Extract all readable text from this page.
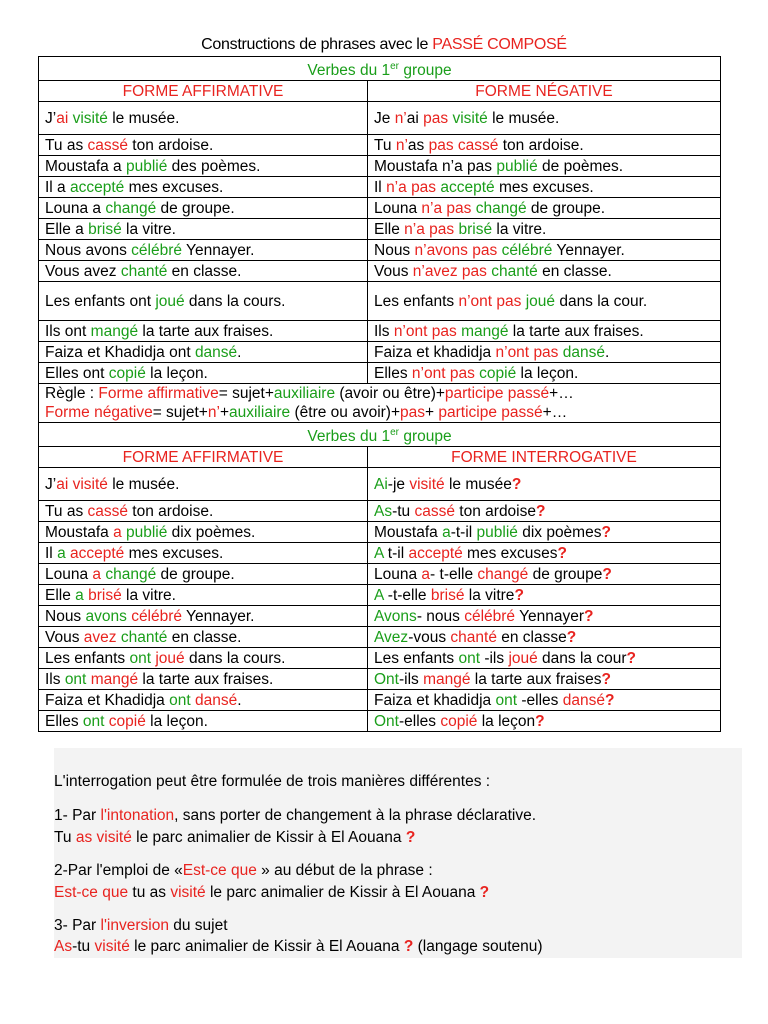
Constructions de phrases avec le PASSÉ COMPOSÉ
Verbes du 1er groupe	
FORME AFFIRMATIVE	FORME NÉGATIVE
J’ai visité le musée.	Je n’ai pas visité le musée.
Tu as cassé ton ardoise.	Tu n’as pas cassé ton ardoise.
Moustafa a publié des poèmes.	Moustafa n’a pas publié de poèmes.
Il a accepté mes excuses.	Il n’a pas accepté mes excuses.
Louna a changé de groupe.	Louna n’a pas changé de groupe.
Elle a brisé la vitre.	Elle n’a pas brisé la vitre.
Nous avons célébré Yennayer.	Nous n’avons pas célébré Yennayer.
Vous avez chanté en classe.	Vous n’avez pas chanté en classe.
Les enfants ont joué dans la cours.	Les enfants n’ont pas joué dans la cour.
Ils ont mangé la tarte aux fraises.	Ils n’ont pas mangé la tarte aux fraises.
Faiza et Khadidja ont dansé.	Faiza et khadidja n’ont pas dansé.
Elles ont copié la leçon.	Elles n’ont pas copié la leçon.

Règle : Forme affirmative= sujet+auxiliaire (avoir ou être)+participe passé+…
Forme négative= sujet+n’+auxiliaire (être ou avoir)+pas+ participe passé+…	

Verbes du 1er groupe	
FORME AFFIRMATIVE	FORME INTERROGATIVE
J’ai visité le musée.	Ai-je visité le musée?
Tu as cassé ton ardoise.	As-tu cassé ton ardoise?
Moustafa a publié dix poèmes.	Moustafa a-t-il publié dix poèmes?
Il a accepté mes excuses.	A t-il accepté mes excuses?
Louna a changé de groupe.	Louna a- t-elle changé de groupe?
Elle a brisé la vitre.	A -t-elle brisé la vitre?
Nous avons célébré Yennayer.	Avons- nous célébré Yennayer?
Vous avez chanté en classe.	Avez-vous chanté en classe?
Les enfants ont joué dans la cours.	Les enfants ont -ils joué dans la cour?
Ils ont mangé la tarte aux fraises.	Ont-ils mangé la tarte aux fraises?
Faiza et Khadidja ont dansé.	Faiza et khadidja ont -elles dansé?
Elles ont copié la leçon.	Ont-elles copié la leçon?

L'interrogation peut être formulée de trois manières différentes :

1- Par l'intonation, sans porter de changement à la phrase déclarative.

Tu as visité le parc animalier de Kissir à El Aouana ?

2-Par l'emploi de «Est-ce que » au début de la phrase :

Est-ce que tu as visité le parc animalier de Kissir à El Aouana ?

3- Par l'inversion du sujet

As-tu visité le parc animalier de Kissir à El Aouana ? (langage soutenu)
